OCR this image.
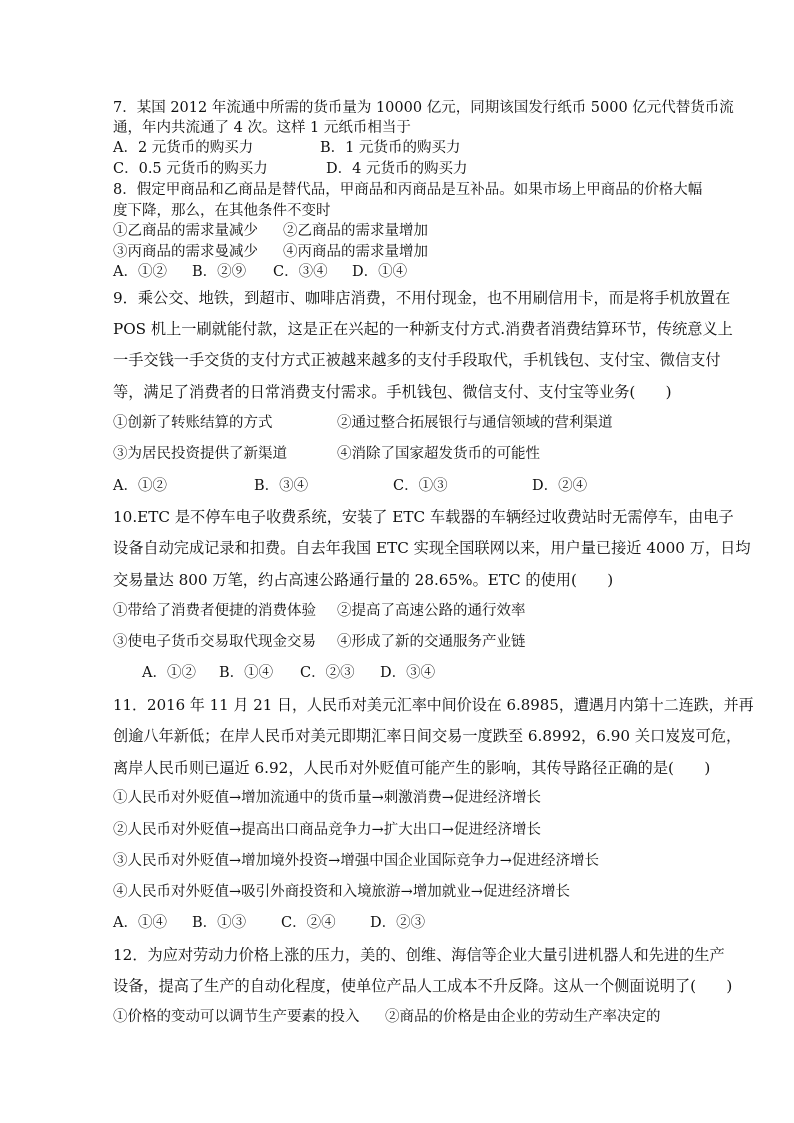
7．某国 2012 年流通中所需的货币量为 10000 亿元，同期该国发行纸币 5000 亿元代替货币流
通，年内共流通了 4 次。这样 1 元纸币相当于
A．2 元货币的购买力	B．1 元货币的购买力
C．0.5 元货币的购买力	D．4 元货币的购买力
8．假定甲商品和乙商品是替代品，甲商品和丙商品是互补品。如果市场上甲商品的价格大幅
度下降，那么，在其他条件不变时
①乙商品的需求量减少 ②乙商品的需求量增加
③丙商品的需求曼减少 ④丙商品的需求量增加
A．①② B．②⑨ C．③④ D．①④
9．乘公交、地铁，到超市、咖啡店消费，不用付现金，也不用刷信用卡，而是将手机放置在
POS 机上一刷就能付款，这是正在兴起的一种新支付方式.消费者消费结算环节，传统意义上
一手交钱一手交货的支付方式正被越来越多的支付手段取代，手机钱包、支付宝、微信支付
等，满足了消费者的日常消费支付需求。手机钱包、微信支付、支付宝等业务(　　)
①创新了转账结算的方式	②通过整合拓展银行与通信领域的营利渠道
③为居民投资提供了新渠道	④消除了国家超发货币的可能性
A．①②	B．③④	C．①③	D．②④
10.ETC 是不停车电子收费系统，安装了 ETC 车载器的车辆经过收费站时无需停车，由电子
设备自动完成记录和扣费。自去年我国 ETC 实现全国联网以来，用户量已接近 4000 万，日均
交易量达 800 万笔，约占高速公路通行量的 28.65%。ETC 的使用(　　)
①带给了消费者便捷的消费体验 ②提高了高速公路的通行效率
③使电子货币交易取代现金交易 ④形成了新的交通服务产业链
A．①② B．①④ C．②③ D．③④
11．2016 年 11 月 21 日，人民币对美元汇率中间价设在 6.8985，遭遇月内第十二连跌，并再
创逾八年新低；在岸人民币对美元即期汇率日间交易一度跌至 6.8992，6.90 关口岌岌可危，
离岸人民币则已逼近 6.92，人民币对外贬值可能产生的影响，其传导路径正确的是(　　)
①人民币对外贬值→增加流通中的货币量→刺激消费→促进经济增长
②人民币对外贬值→提高出口商品竞争力→扩大出口→促进经济增长
③人民币对外贬值→增加境外投资→增强中国企业国际竞争力→促进经济增长
④人民币对外贬值→吸引外商投资和入境旅游→增加就业→促进经济增长
A．①④ B．①③ C．②④ D．②③
12．为应对劳动力价格上涨的压力，美的、创维、海信等企业大量引进机器人和先进的生产
设备，提高了生产的自动化程度，使单位产品人工成本不升反降。这从一个侧面说明了(　　)
①价格的变动可以调节生产要素的投入 ②商品的价格是由企业的劳动生产率决定的
